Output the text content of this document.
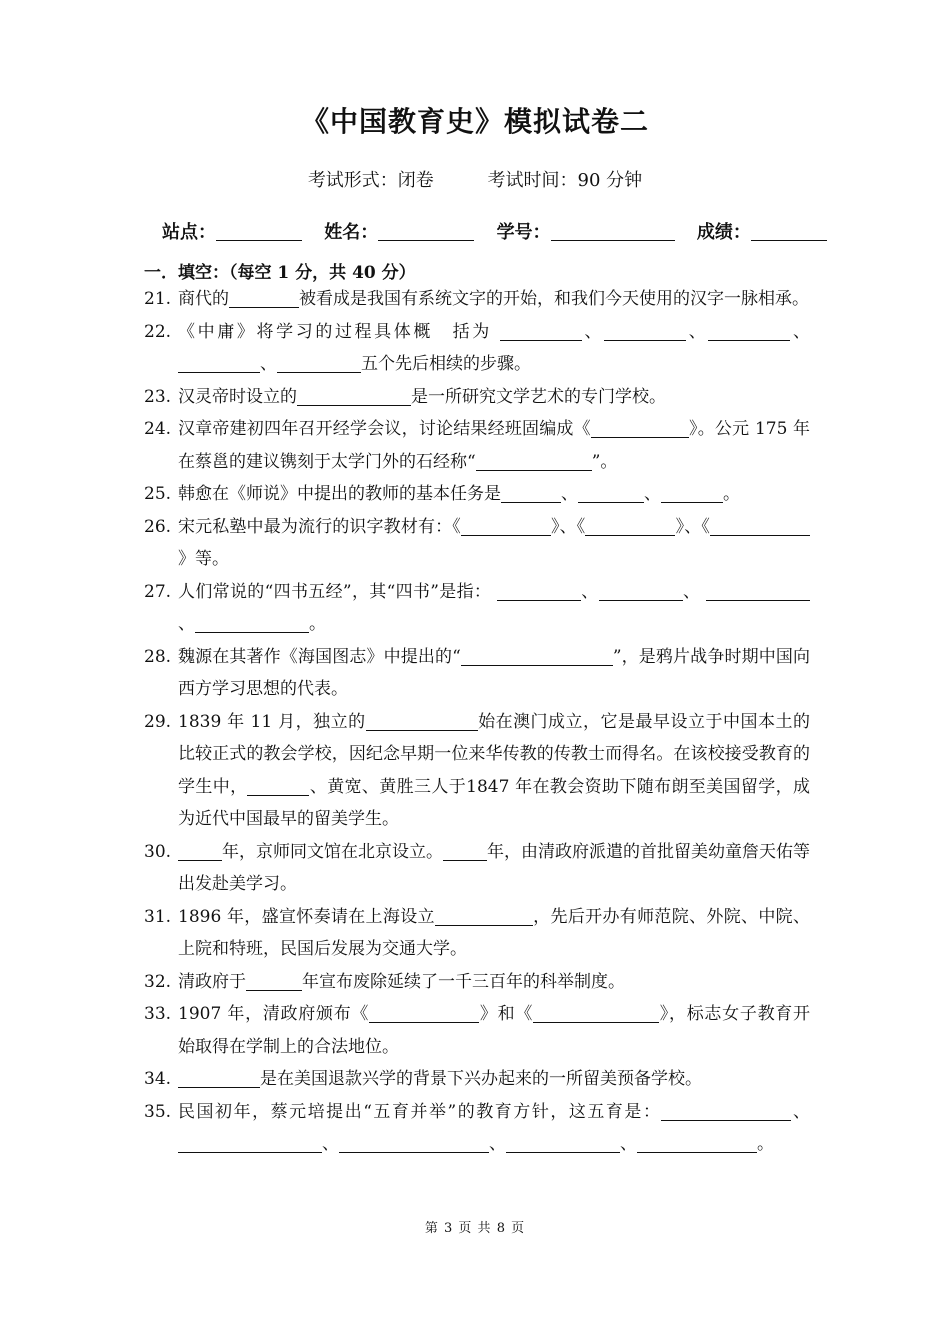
《中国教育史》模拟试卷二
考试形式：闭卷	考试时间：90 分钟
站点：	姓名：	学号：	成绩：
一．填空：（每空 1 分，共 40 分）
21. 商代的	被看成是我国有系统文字的开始，和我们今天使用的汉字一脉相承。
22. 《中庸》将学习的过程具体概　括为	、	、	、 、	五个先后相续的步骤。
23. 汉灵帝时设立的	是一所研究文学艺术的专门学校。
24. 汉章帝建初四年召开经学会议，讨论结果经班固编成《	》。公元 175 年在蔡邕的建议镌刻于太学门外的石经称“	”。
25. 韩愈在《师说》中提出的教师的基本任务是	、	、	。
26. 宋元私塾中最为流行的识字教材有：《	》、《	》、《》等。
27. 人们常说的“四书五经”，其“四书”是指：	、	、 、	。
28. 魏源在其著作《海国图志》中提出的“	”，是鸦片战争时期中国向西方学习思想的代表。
29. 1839 年 11 月，独立的	始在澳门成立，它是最早设立于中国本土的比较正式的教会学校，因纪念早期一位来华传教的传教士而得名。在该校接受教育的学生中，	、黄宽、黄胜三人于1847 年在教会资助下随布朗至美国留学，成为近代中国最早的留美学生。
30.	年，京师同文馆在北京设立。	年，由清政府派遣的首批留美幼童詹天佑等出发赴美学习。
31. 1896 年，盛宣怀奏请在上海设立	，先后开办有师范院、外院、中院、上院和特班，民国后发展为交通大学。
32. 清政府于	年宣布废除延续了一千三百年的科举制度。
33. 1907 年，清政府颁布《	》和《	》，标志女子教育开始取得在学制上的合法地位。
34.	是在美国退款兴学的背景下兴办起来的一所留美预备学校。
35. 民国初年，蔡元培提出“五育并举”的教育方针，这五育是：	、、	、	、	。
第 3 页 共 8 页
